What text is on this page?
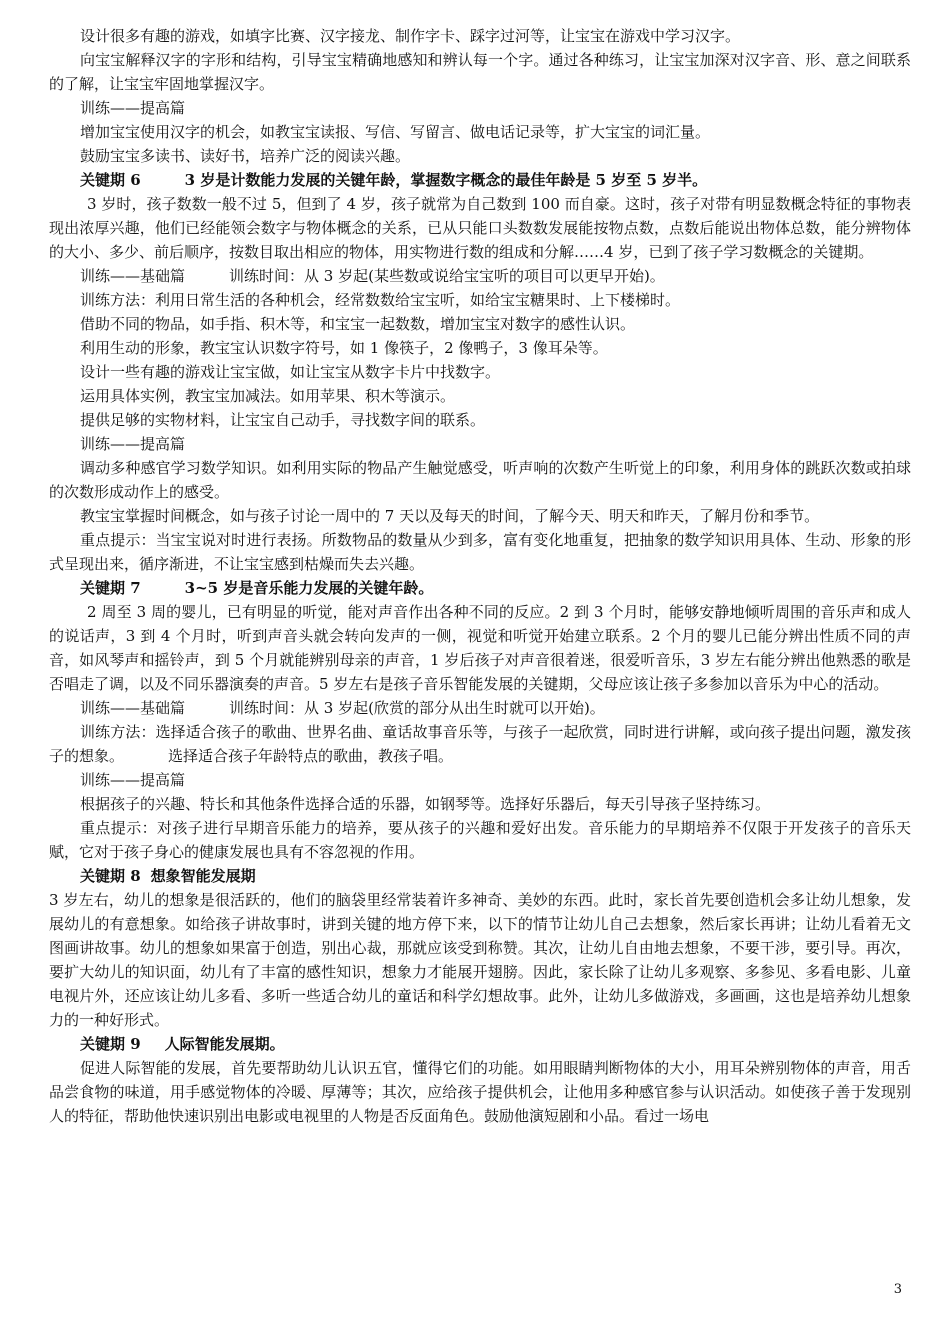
设计很多有趣的游戏，如填字比赛、汉字接龙、制作字卡、踩字过河等，让宝宝在游戏中学习汉字。

向宝宝解释汉字的字形和结构，引导宝宝精确地感知和辨认每一个字。通过各种练习，让宝宝加深对汉字音、形、意之间联系的了解，让宝宝牢固地掌握汉字。

训练——提高篇

增加宝宝使用汉字的机会，如教宝宝读报、写信、写留言、做电话记录等，扩大宝宝的词汇量。

鼓励宝宝多读书、读好书，培养广泛的阅读兴趣。

关键期 6	3 岁是计数能力发展的关键年龄，掌握数字概念的最佳年龄是 5 岁至 5 岁半。

3 岁时，孩子数数一般不过 5，但到了 4 岁，孩子就常为自己数到 100 而自豪。这时，孩子对带有明显数概念特征的事物表现出浓厚兴趣，他们已经能领会数字与物体概念的关系，已从只能口头数数发展能按物点数，点数后能说出物体总数，能分辨物体的大小、多少、前后顺序，按数目取出相应的物体，用实物进行数的组成和分解……4 岁，已到了孩子学习数概念的关键期。

训练——基础篇	训练时间：从 3 岁起(某些数或说给宝宝听的项目可以更早开始)。

训练方法：利用日常生活的各种机会，经常数数给宝宝听，如给宝宝糖果时、上下楼梯时。

借助不同的物品，如手指、积木等，和宝宝一起数数，增加宝宝对数字的感性认识。

利用生动的形象，教宝宝认识数字符号，如 1 像筷子，2 像鸭子，3 像耳朵等。

设计一些有趣的游戏让宝宝做，如让宝宝从数字卡片中找数字。

运用具体实例，教宝宝加减法。如用苹果、积木等演示。

提供足够的实物材料，让宝宝自己动手，寻找数字间的联系。

训练——提高篇

调动多种感官学习数学知识。如利用实际的物品产生触觉感受，听声响的次数产生听觉上的印象，利用身体的跳跃次数或拍球的次数形成动作上的感受。

教宝宝掌握时间概念，如与孩子讨论一周中的 7 天以及每天的时间，了解今天、明天和昨天，了解月份和季节。

重点提示：当宝宝说对时进行表扬。所数物品的数量从少到多，富有变化地重复，把抽象的数学知识用具体、生动、形象的形式呈现出来，循序渐进，不让宝宝感到枯燥而失去兴趣。

关键期 7	3~5 岁是音乐能力发展的关键年龄。

2 周至 3 周的婴儿，已有明显的听觉，能对声音作出各种不同的反应。2 到 3 个月时，能够安静地倾听周围的音乐声和成人的说话声，3 到 4 个月时，听到声音头就会转向发声的一侧，视觉和听觉开始建立联系。2 个月的婴儿已能分辨出性质不同的声音，如风琴声和摇铃声，到 5 个月就能辨别母亲的声音，1 岁后孩子对声音很着迷，很爱听音乐，3 岁左右能分辨出他熟悉的歌是否唱走了调，以及不同乐器演奏的声音。5 岁左右是孩子音乐智能发展的关键期，父母应该让孩子多参加以音乐为中心的活动。

训练——基础篇	训练时间：从 3 岁起(欣赏的部分从出生时就可以开始)。

训练方法：选择适合孩子的歌曲、世界名曲、童话故事音乐等，与孩子一起欣赏，同时进行讲解，或向孩子提出问题，激发孩子的想象。	选择适合孩子年龄特点的歌曲，教孩子唱。

训练——提高篇

根据孩子的兴趣、特长和其他条件选择合适的乐器，如钢琴等。选择好乐器后，每天引导孩子坚持练习。

重点提示：对孩子进行早期音乐能力的培养，要从孩子的兴趣和爱好出发。音乐能力的早期培养不仅限于开发孩子的音乐天赋，它对于孩子身心的健康发展也具有不容忽视的作用。

关键期 8 想象智能发展期

3 岁左右，幼儿的想象是很活跃的，他们的脑袋里经常装着许多神奇、美妙的东西。此时，家长首先要创造机会多让幼儿想象，发展幼儿的有意想象。如给孩子讲故事时，讲到关键的地方停下来，以下的情节让幼儿自己去想象，然后家长再讲；让幼儿看着无文图画讲故事。幼儿的想象如果富于创造，别出心裁，那就应该受到称赞。其次，让幼儿自由地去想象，不要干涉，要引导。再次，要扩大幼儿的知识面，幼儿有了丰富的感性知识，想象力才能展开翅膀。因此，家长除了让幼儿多观察、多参见、多看电影、儿童电视片外，还应该让幼儿多看、多听一些适合幼儿的童话和科学幻想故事。此外，让幼儿多做游戏，多画画，这也是培养幼儿想象力的一种好形式。

关键期 9 人际智能发展期。

促进人际智能的发展，首先要帮助幼儿认识五官，懂得它们的功能。如用眼睛判断物体的大小，用耳朵辨别物体的声音，用舌品尝食物的味道，用手感觉物体的冷暖、厚薄等；其次，应给孩子提供机会，让他用多种感官参与认识活动。如使孩子善于发现别人的特征，帮助他快速识别出电影或电视里的人物是否反面角色。鼓励他演短剧和小品。看过一场电

3
